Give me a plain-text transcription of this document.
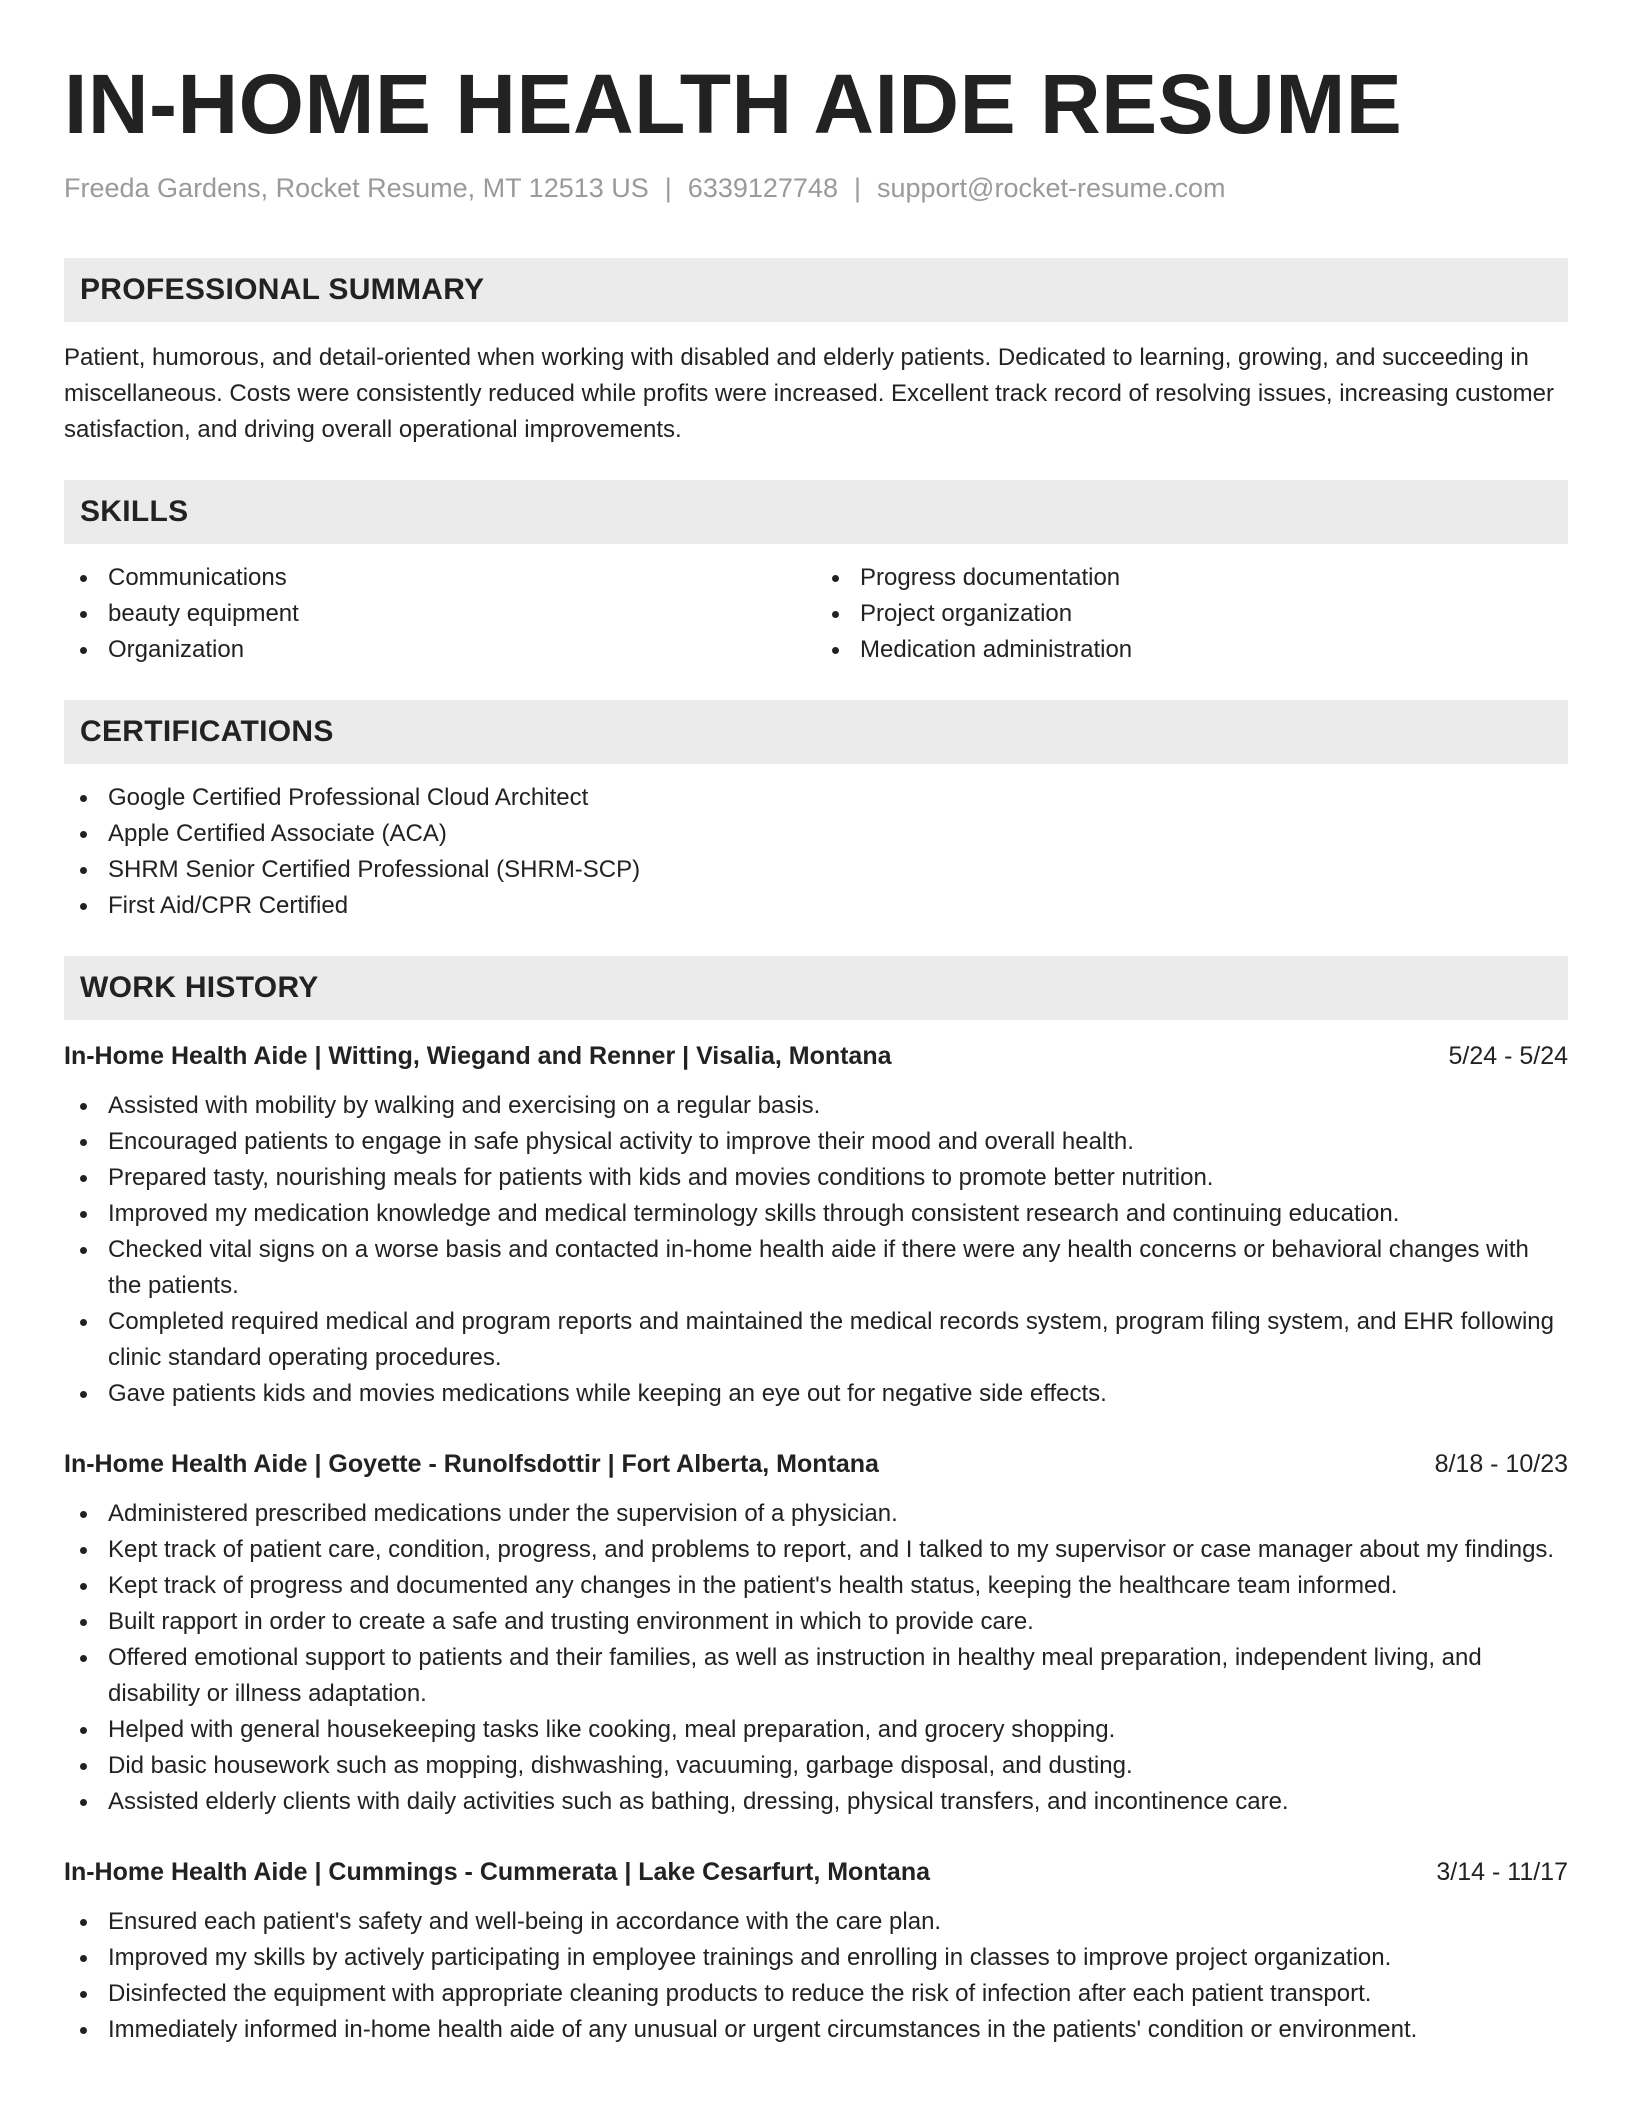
IN-HOME HEALTH AIDE RESUME
Freeda Gardens, Rocket Resume, MT 12513 US | 6339127748 | support@rocket-resume.com
PROFESSIONAL SUMMARY

Patient, humorous, and detail-oriented when working with disabled and elderly patients. Dedicated to learning, growing, and succeeding in miscellaneous. Costs were consistently reduced while profits were increased. Excellent track record of resolving issues, increasing customer satisfaction, and driving overall operational improvements.

SKILLS
Communications
beauty equipment
Organization
Progress documentation
Project organization
Medication administration
CERTIFICATIONS
Google Certified Professional Cloud Architect
Apple Certified Associate (ACA)
SHRM Senior Certified Professional (SHRM-SCP)
First Aid/CPR Certified
WORK HISTORY
In-Home Health Aide | Witting, Wiegand and Renner | Visalia, Montana	5/24 - 5/24
Assisted with mobility by walking and exercising on a regular basis.
Encouraged patients to engage in safe physical activity to improve their mood and overall health.
Prepared tasty, nourishing meals for patients with kids and movies conditions to promote better nutrition.
Improved my medication knowledge and medical terminology skills through consistent research and continuing education.
Checked vital signs on a worse basis and contacted in-home health aide if there were any health concerns or behavioral changes with the patients.
Completed required medical and program reports and maintained the medical records system, program filing system, and EHR following clinic standard operating procedures.
Gave patients kids and movies medications while keeping an eye out for negative side effects.
In-Home Health Aide | Goyette - Runolfsdottir | Fort Alberta, Montana	8/18 - 10/23
Administered prescribed medications under the supervision of a physician.
Kept track of patient care, condition, progress, and problems to report, and I talked to my supervisor or case manager about my findings.
Kept track of progress and documented any changes in the patient's health status, keeping the healthcare team informed.
Built rapport in order to create a safe and trusting environment in which to provide care.
Offered emotional support to patients and their families, as well as instruction in healthy meal preparation, independent living, and disability or illness adaptation.
Helped with general housekeeping tasks like cooking, meal preparation, and grocery shopping.
Did basic housework such as mopping, dishwashing, vacuuming, garbage disposal, and dusting.
Assisted elderly clients with daily activities such as bathing, dressing, physical transfers, and incontinence care.
In-Home Health Aide | Cummings - Cummerata | Lake Cesarfurt, Montana	3/14 - 11/17
Ensured each patient's safety and well-being in accordance with the care plan.
Improved my skills by actively participating in employee trainings and enrolling in classes to improve project organization.
Disinfected the equipment with appropriate cleaning products to reduce the risk of infection after each patient transport.
Immediately informed in-home health aide of any unusual or urgent circumstances in the patients' condition or environment.
